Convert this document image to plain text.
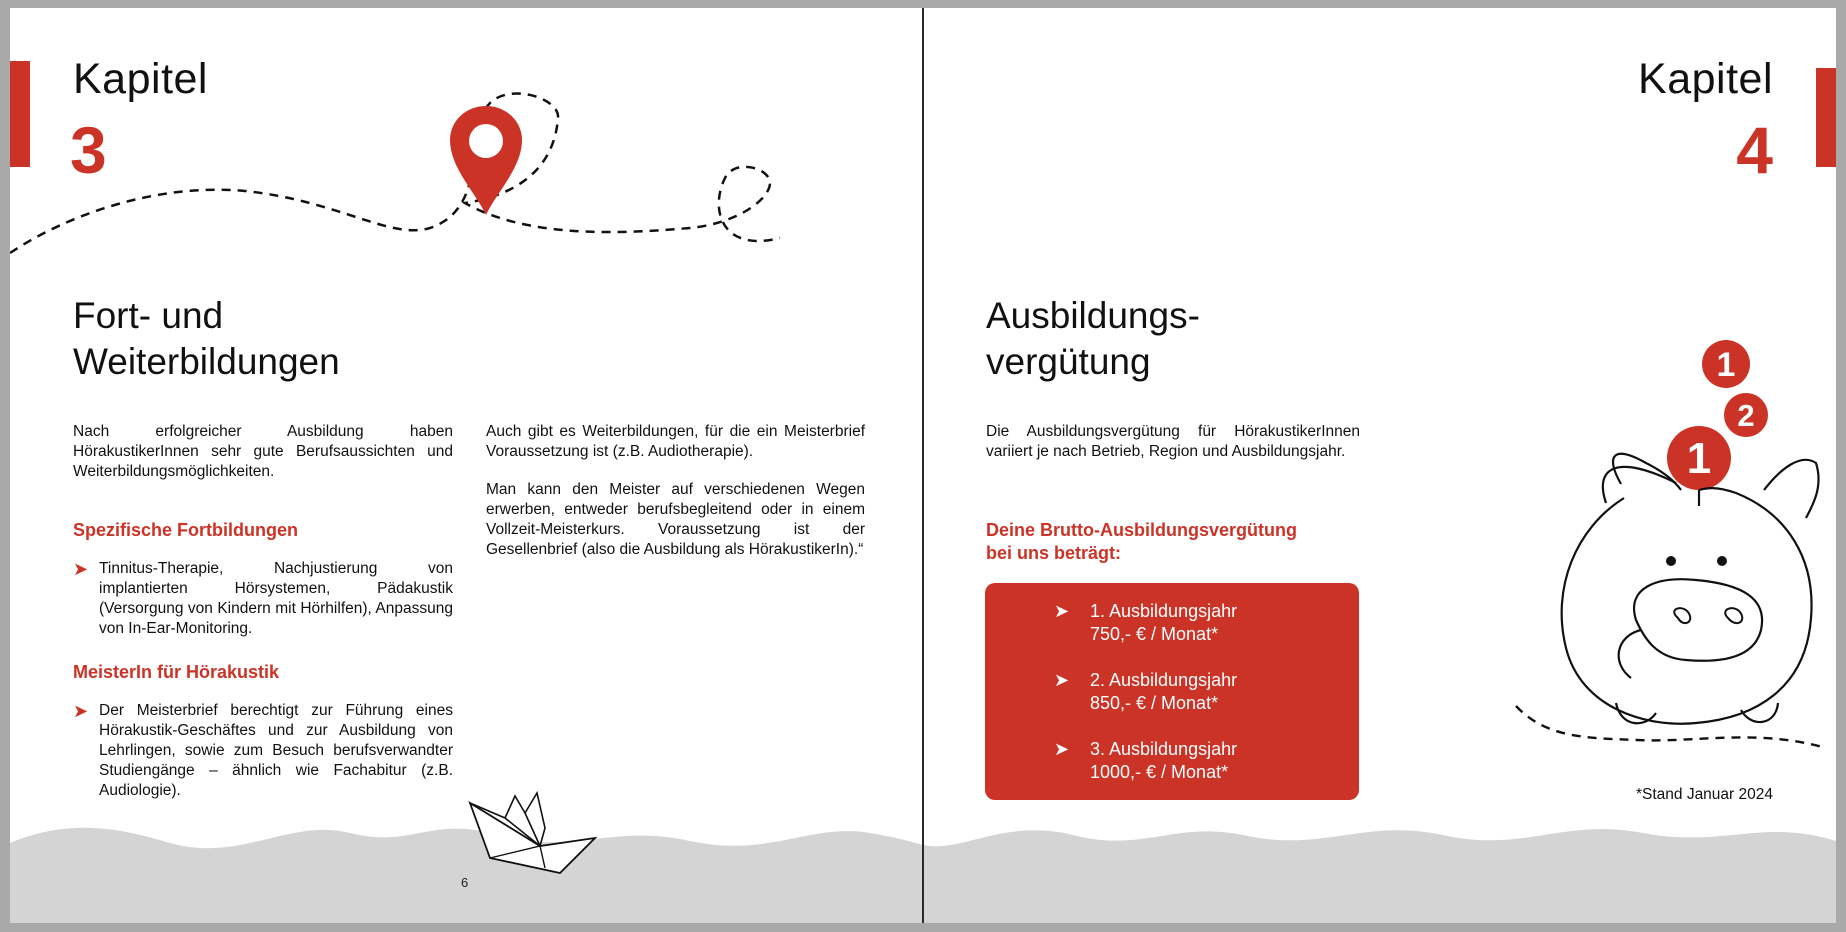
Kapitel
3
Fort- und
Weiterbildungen
Nach erfolgreicher Ausbildung haben HörakustikerInnen sehr gute Berufsaussichten und Weiterbildungsmöglichkeiten.
Spezifische Fortbildungen
➤ Tinnitus-Therapie, Nachjustierung von implantierten Hörsystemen, Pädakustik (Versorgung von Kindern mit Hörhilfen), Anpassung von In-Ear-Monitoring.
MeisterIn für Hörakustik
➤ Der Meisterbrief berechtigt zur Führung eines Hörakustik-Geschäftes und zur Ausbildung von Lehrlingen, sowie zum Besuch berufsverwandter Studiengänge – ähnlich wie Fachabitur (z.B. Audiologie).
Auch gibt es Weiterbildungen, für die ein Meisterbrief Voraussetzung ist (z.B. Audiotherapie).
Man kann den Meister auf verschiedenen Wegen erwerben, entweder berufsbegleitend oder in einem Vollzeit-Meisterkurs. Voraussetzung ist der Gesellenbrief (also die Ausbildung als HörakustikerIn).“
6
Kapitel
4
Ausbildungs-
vergütung
Die Ausbildungsvergütung für HörakustikerInnen variiert je nach Betrieb, Region und Ausbildungsjahr.
Deine Brutto-Ausbildungsvergütung
bei uns beträgt:
1
2
1
*Stand Januar 2024
➤ 1. Ausbildungsjahr
750,- € / Monat*
➤ 2. Ausbildungsjahr
850,- € / Monat*
➤ 3. Ausbildungsjahr
1000,- € / Monat*
